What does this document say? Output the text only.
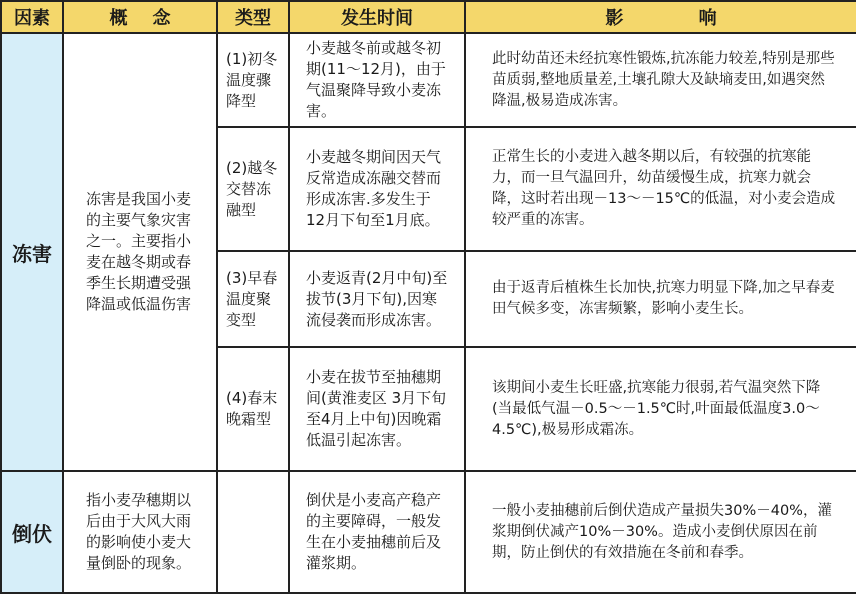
因素	概    念	类型	发生时间	影            响
冻害	冻害是我国小麦的主要气象灾害之一。主要指小麦在越冬期或春季生长期遭受强降温或低温伤害	(1)初冬温度骤降型	小麦越冬前或越冬初期(11～12月)，由于气温聚降导致小麦冻害。	此时幼苗还未经抗寒性锻炼,抗冻能力较差,特别是那些苗质弱,整地质量差,土壤孔隙大及缺墒麦田,如遇突然降温,极易造成冻害。
		(2)越冬交替冻融型	小麦越冬期间因天气反常造成冻融交替而形成冻害.多发生于12月下旬至1月底。	正常生长的小麦进入越冬期以后，有较强的抗寒能力，而一旦气温回升，幼苗缓慢生成，抗寒力就会降，这时若出现－13～－15℃的低温，对小麦会造成较严重的冻害。
		(3)早春温度聚变型	小麦返青(2月中旬)至拔节(3月下旬),因寒流侵袭而形成冻害。	由于返青后植株生长加快,抗寒力明显下降,加之早春麦田气候多变，冻害频繁，影响小麦生长。
		(4)春末晚霜型	小麦在拔节至抽穗期间(黄淮麦区 3月下旬至4月上中旬)因晚霜低温引起冻害。	该期间小麦生长旺盛,抗寒能力很弱,若气温突然下降(当最低气温－0.5～－1.5℃时,叶面最低温度3.0～4.5℃),极易形成霜冻。
倒伏	指小麦孕穗期以后由于大风大雨的影响使小麦大量倒卧的现象。		倒伏是小麦高产稳产的主要障碍，一般发生在小麦抽穗前后及灌浆期。	一般小麦抽穗前后倒伏造成产量损失30%－40%，灌浆期倒伏减产10%－30%。造成小麦倒伏原因在前期，防止倒伏的有效措施在冬前和春季。
